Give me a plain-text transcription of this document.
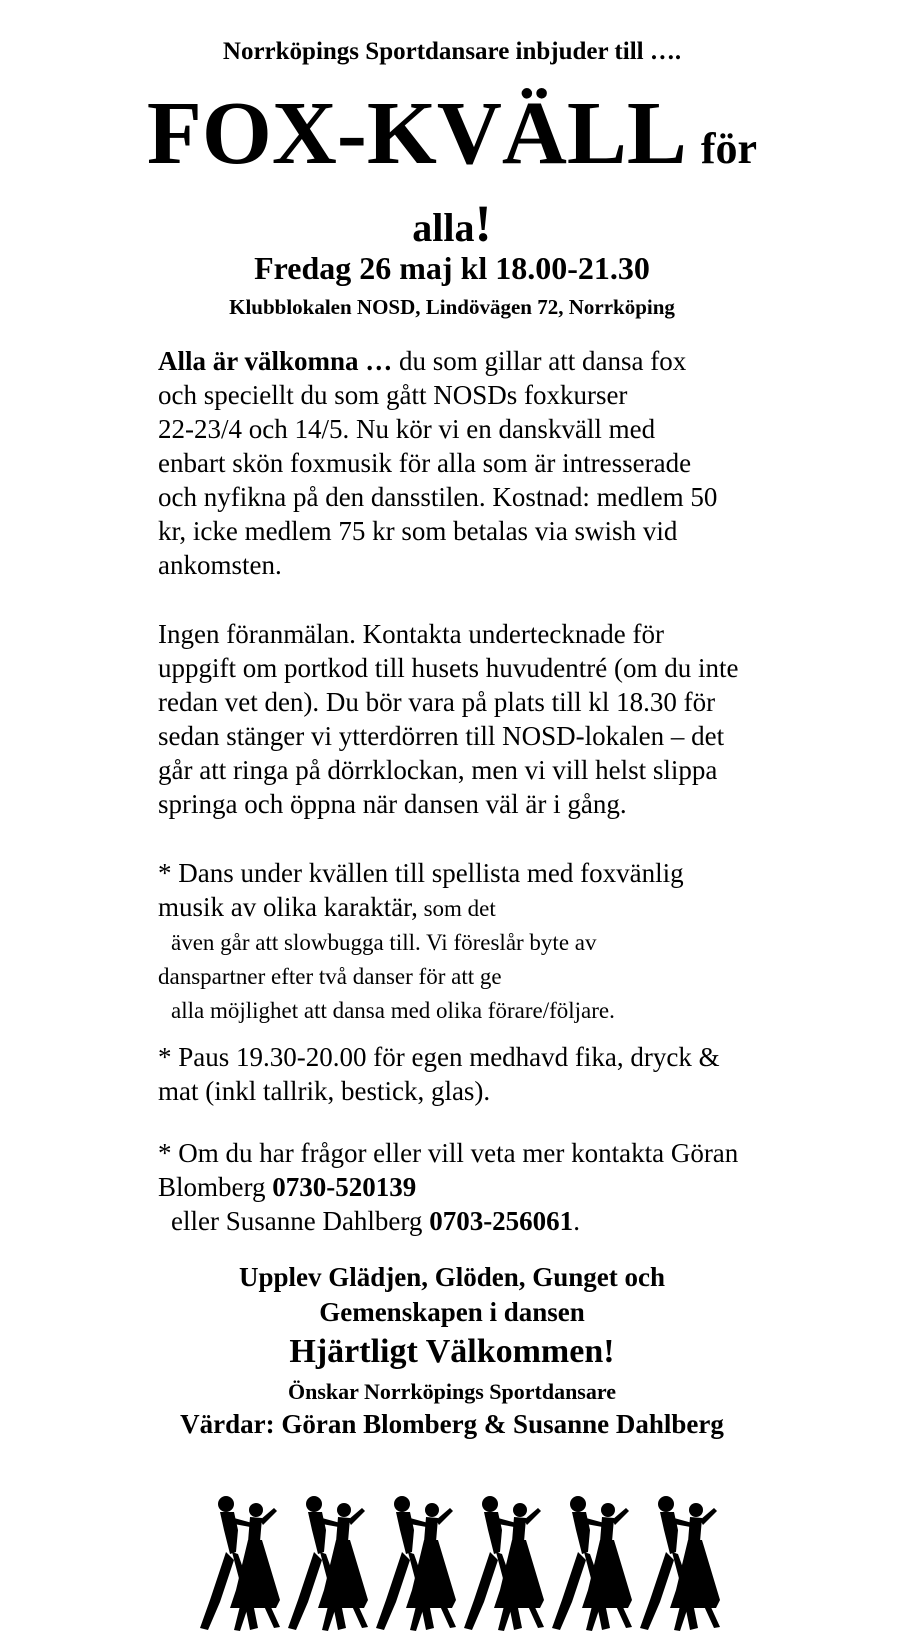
Norrköpings Sportdansare inbjuder till ….
FOX-KVÄLL för
alla!
Fredag 26 maj kl 18.00-21.30
Klubblokalen NOSD, Lindövägen 72, Norrköping
Alla är välkomna … du som gillar att dansa fox
och speciellt du som gått NOSDs foxkurser
22-23/4 och 14/5. Nu kör vi en danskväll med
enbart skön foxmusik för alla som är intresserade
och nyfikna på den dansstilen. Kostnad: medlem 50
kr, icke medlem 75 kr som betalas via swish vid
ankomsten.
Ingen föranmälan. Kontakta undertecknade för
uppgift om portkod till husets huvudentré (om du inte
redan vet den). Du bör vara på plats till kl 18.30 för
sedan stänger vi ytterdörren till NOSD-lokalen – det
går att ringa på dörrklockan, men vi vill helst slippa
springa och öppna när dansen väl är i gång.
* Dans under kvällen till spellista med foxvänlig
musik av olika karaktär, som det
även går att slowbugga till. Vi föreslår byte av
danspartner efter två danser för att ge
alla möjlighet att dansa med olika förare/följare.
* Paus 19.30-20.00 för egen medhavd fika, dryck &
mat (inkl tallrik, bestick, glas).
* Om du har frågor eller vill veta mer kontakta Göran
Blomberg 0730-520139
eller Susanne Dahlberg 0703-256061.
Upplev Glädjen, Glöden, Gunget och
Gemenskapen i dansen
Hjärtligt Välkommen!
Önskar Norrköpings Sportdansare
Värdar: Göran Blomberg & Susanne Dahlberg
